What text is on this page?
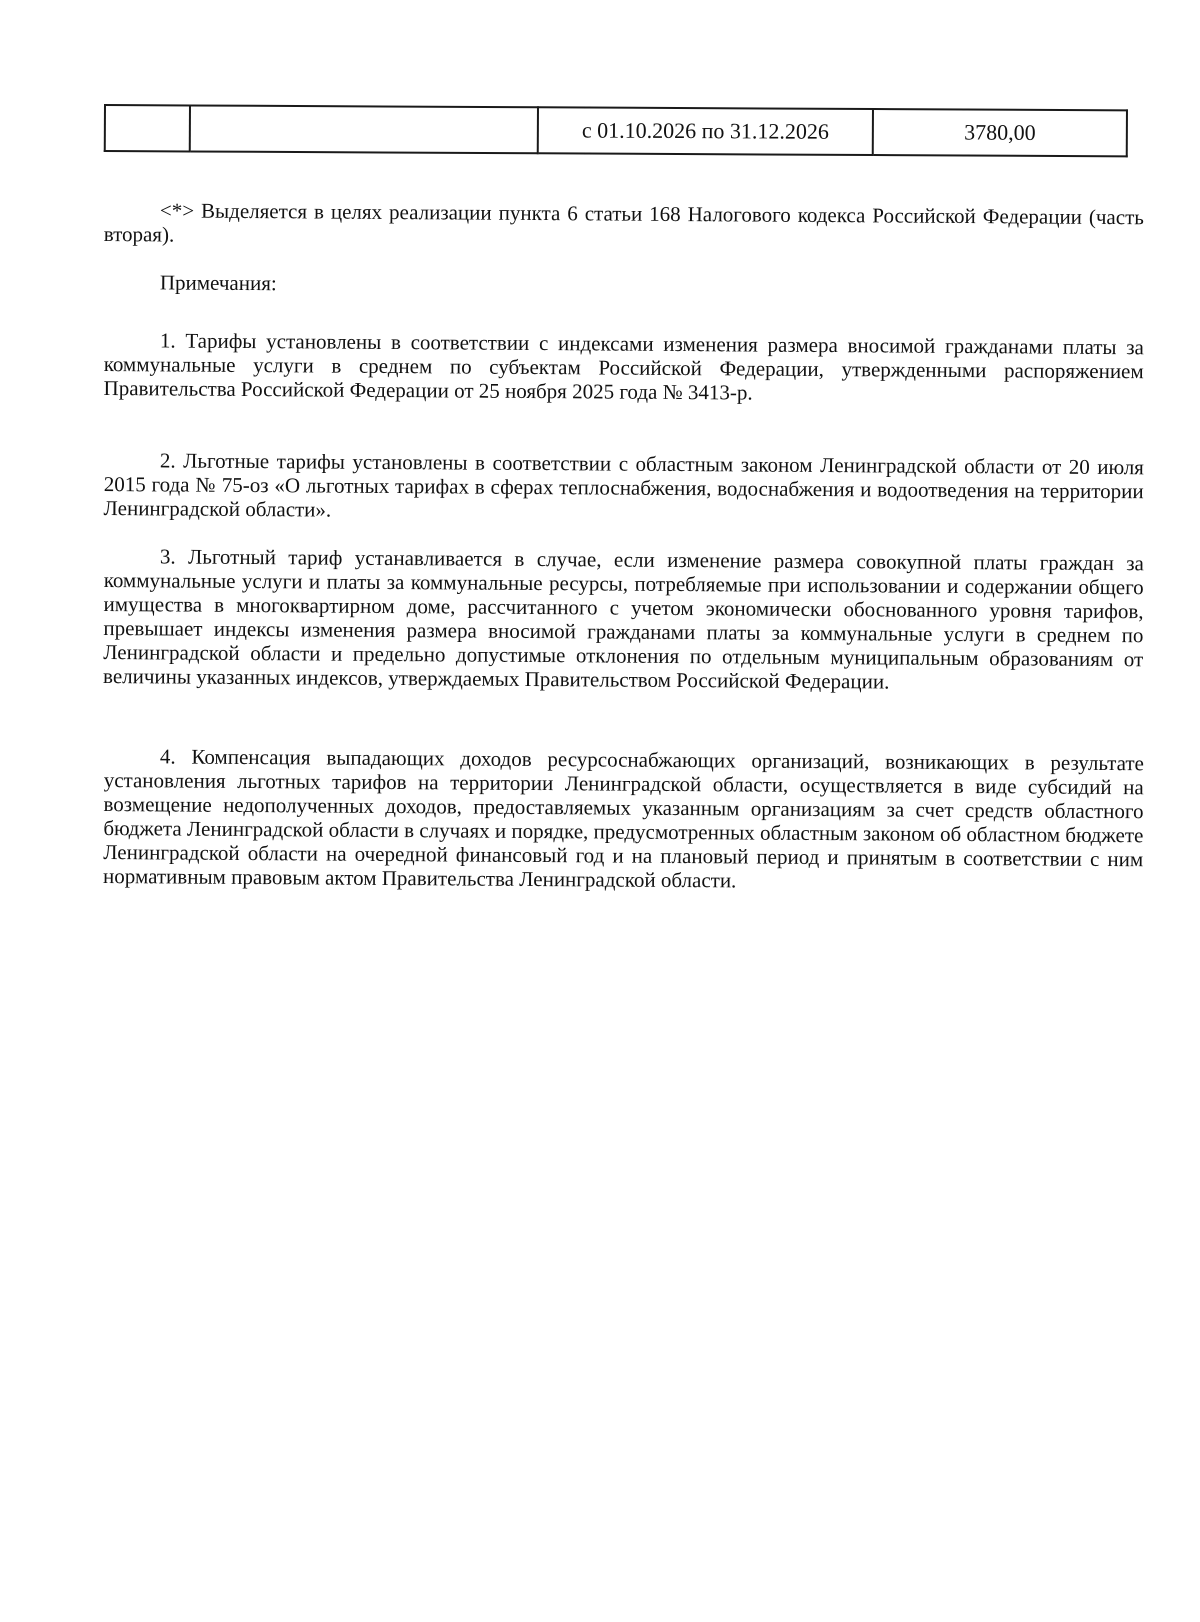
		с 01.10.2026 по 31.12.2026	3780,00

<*> Выделяется в целях реализации пункта 6 статьи 168 Налогового кодекса Российской Федерации (часть вторая).

Примечания:

1. Тарифы установлены в соответствии с индексами изменения размера вносимой гражданами платы за коммунальные услуги в среднем по субъектам Российской Федерации, утвержденными распоряжением Правительства Российской Федерации от 25 ноября 2025 года № 3413-р.

2. Льготные тарифы установлены в соответствии с областным законом Ленинградской области от 20 июля 2015 года № 75-оз «О льготных тарифах в сферах теплоснабжения, водоснабжения и водоотведения на территории Ленинградской области».

3. Льготный тариф устанавливается в случае, если изменение размера совокупной платы граждан за коммунальные услуги и платы за коммунальные ресурсы, потребляемые при использовании и содержании общего имущества в многоквартирном доме, рассчитанного с учетом экономически обоснованного уровня тарифов, превышает индексы изменения размера вносимой гражданами платы за коммунальные услуги в среднем по Ленинградской области и предельно допустимые отклонения по отдельным муниципальным образованиям от величины указанных индексов, утверждаемых Правительством Российской Федерации.

4. Компенсация выпадающих доходов ресурсоснабжающих организаций, возникающих в результате установления льготных тарифов на территории Ленинградской области, осуществляется в виде субсидий на возмещение недополученных доходов, предоставляемых указанным организациям за счет средств областного бюджета Ленинградской области в случаях и порядке, предусмотренных областным законом об областном бюджете Ленинградской области на очередной финансовый год и на плановый период и принятым в соответствии с ним нормативным правовым актом Правительства Ленинградской области.
